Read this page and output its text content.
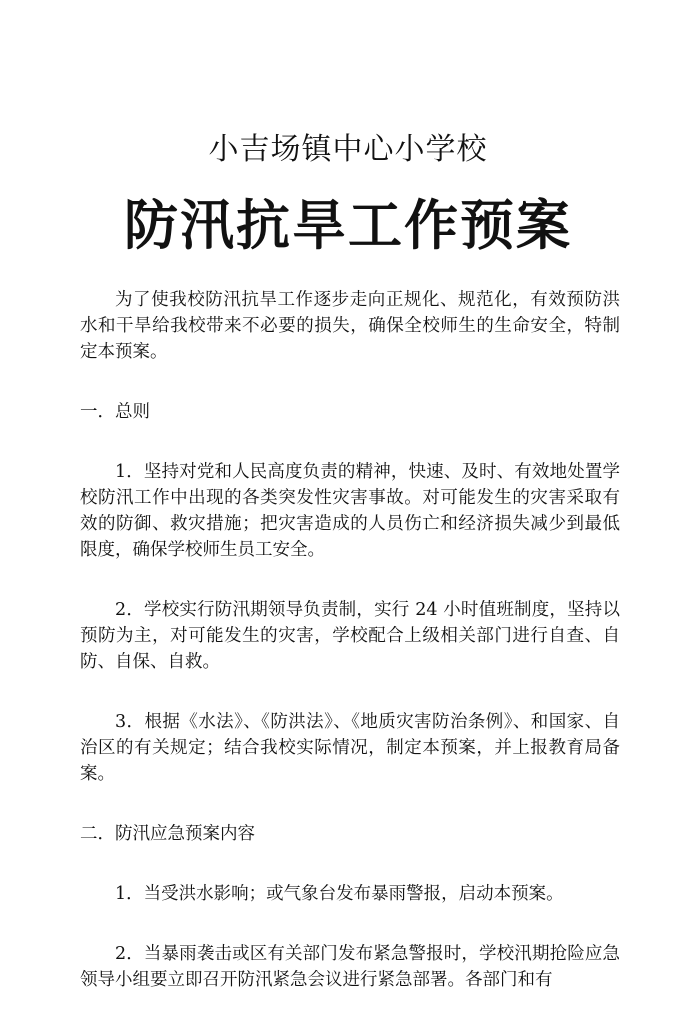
小吉场镇中心小学校
防汛抗旱工作预案

为了使我校防汛抗旱工作逐步走向正规化、规范化，有效预防洪水和干旱给我校带来不必要的损失，确保全校师生的生命安全，特制定本预案。

一．总则

1．坚持对党和人民高度负责的精神，快速、及时、有效地处置学校防汛工作中出现的各类突发性灾害事故。对可能发生的灾害采取有效的防御、救灾措施；把灾害造成的人员伤亡和经济损失减少到最低限度，确保学校师生员工安全。

2．学校实行防汛期领导负责制，实行 24 小时值班制度，坚持以预防为主，对可能发生的灾害，学校配合上级相关部门进行自查、自防、自保、自救。

3．根据《水法》、《防洪法》、《地质灾害防治条例》、和国家、自治区的有关规定；结合我校实际情况，制定本预案，并上报教育局备案。

二．防汛应急预案内容

1．当受洪水影响；或气象台发布暴雨警报，启动本预案。

2．当暴雨袭击或区有关部门发布紧急警报时，学校汛期抢险应急领导小组要立即召开防汛紧急会议进行紧急部署。各部门和有
